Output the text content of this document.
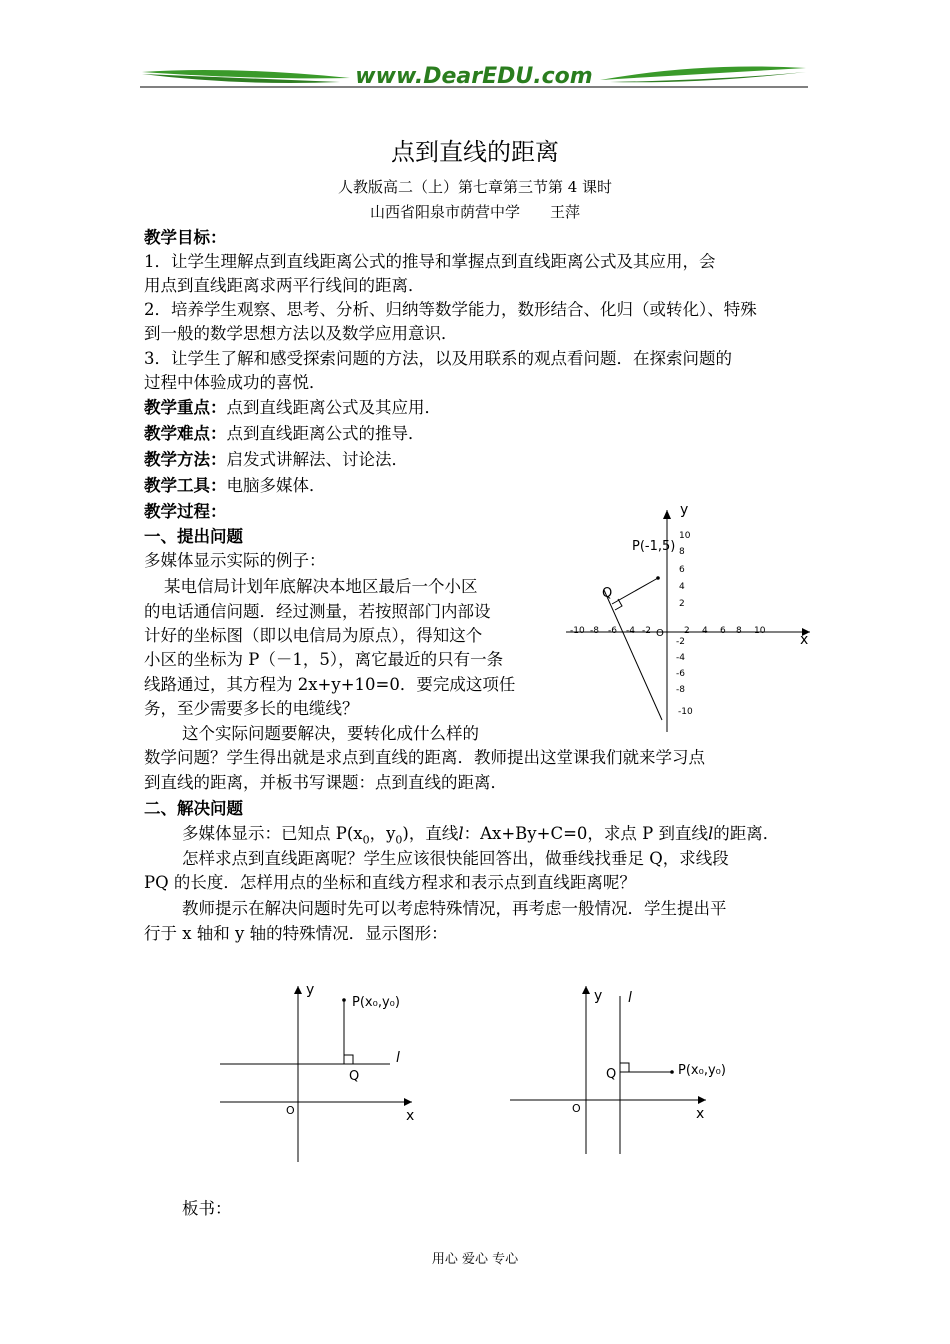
www.DearEDU.com
点到直线的距离
人教版高二（上）第七章第三节第 4 课时
山西省阳泉市荫营中学　　王萍
教学目标：
1．让学生理解点到直线距离公式的推导和掌握点到直线距离公式及其应用，会
用点到直线距离求两平行线间的距离．
2．培养学生观察、思考、分析、归纳等数学能力，数形结合、化归（或转化）、特殊
到一般的数学思想方法以及数学应用意识．
3．让学生了解和感受探索问题的方法，以及用联系的观点看问题．在探索问题的
过程中体验成功的喜悦．
教学重点：点到直线距离公式及其应用．
教学难点：点到直线距离公式的推导．
教学方法：启发式讲解法、讨论法．
教学工具：电脑多媒体．
教学过程：
一、提出问题
多媒体显示实际的例子：
某电信局计划年底解决本地区最后一个小区
的电话通信问题．经过测量，若按照部门内部设
计好的坐标图（即以电信局为原点），得知这个
小区的坐标为 P（－1，5），离它最近的只有一条
线路通过，其方程为 2x+y+10=0．要完成这项任
务，至少需要多长的电缆线？
这个实际问题要解决，要转化成什么样的
数学问题？学生得出就是求点到直线的距离．教师提出这堂课我们就来学习点
到直线的距离，并板书写课题：点到直线的距离．
二、解决问题
多媒体显示：已知点 $P(x_0$，$y_0$)，直线l：Ax+By+C=0，求点 P 到直线l的距离．
怎样求点到直线距离呢？学生应该很快能回答出，做垂线找垂足 Q，求线段
PQ 的长度．怎样用点的坐标和直线方程求和表示点到直线距离呢？
教师提示在解决问题时先可以考虑特殊情况，再考虑一般情况．学生提出平
行于 x 轴和 y 轴的特殊情况．显示图形：
板书：
y
x
O
10
8
6
4
2
-2
-4
-6
-8
-10
-10 -8 -6 -4 -2	2 4 6 8 10
P(-1,5)
Q
y
x
O
P(x₀,y₀)
Q
l
y
x
O
P(x₀,y₀)
Q
l
用心 爱心 专心
